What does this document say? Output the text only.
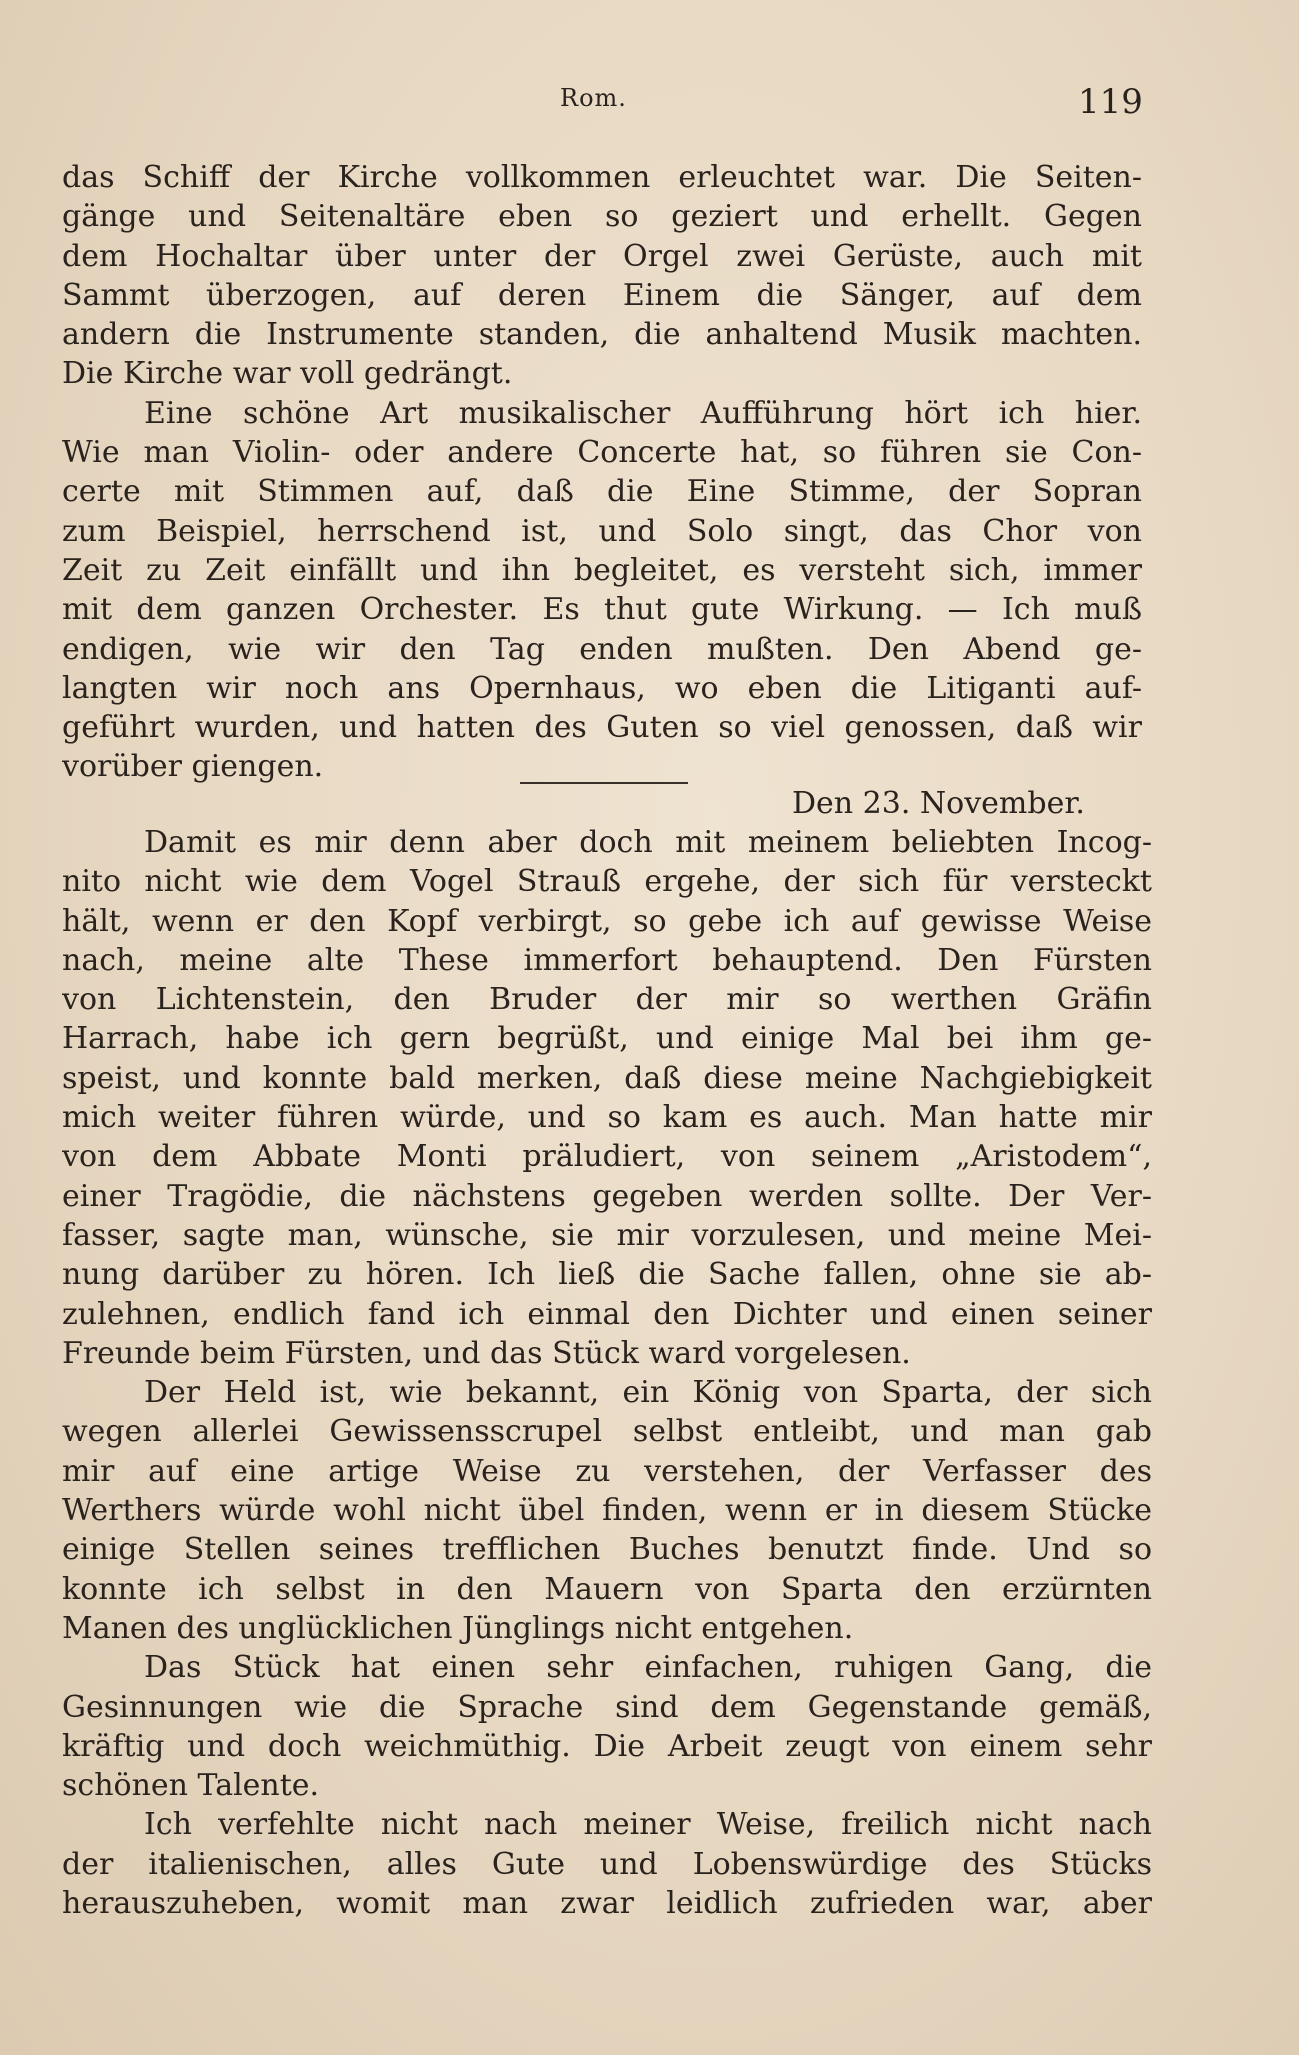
Rom.	119
das Schiff der Kirche vollkommen erleuchtet war. Die Seiten-
gänge und Seitenaltäre eben so geziert und erhellt. Gegen
dem Hochaltar über unter der Orgel zwei Gerüste, auch mit
Sammt überzogen, auf deren Einem die Sänger, auf dem
andern die Instrumente standen, die anhaltend Musik machten.
Die Kirche war voll gedrängt.
Eine schöne Art musikalischer Aufführung hört ich hier.
Wie man Violin- oder andere Concerte hat, so führen sie Con-
certe mit Stimmen auf, daß die Eine Stimme, der Sopran
zum Beispiel, herrschend ist, und Solo singt, das Chor von
Zeit zu Zeit einfällt und ihn begleitet, es versteht sich, immer
mit dem ganzen Orchester. Es thut gute Wirkung. — Ich muß
endigen, wie wir den Tag enden mußten. Den Abend ge-
langten wir noch ans Opernhaus, wo eben die Litiganti auf-
geführt wurden, und hatten des Guten so viel genossen, daß wir
vorüber giengen.
Den 23. November.
Damit es mir denn aber doch mit meinem beliebten Incog-
nito nicht wie dem Vogel Strauß ergehe, der sich für versteckt
hält, wenn er den Kopf verbirgt, so gebe ich auf gewisse Weise
nach, meine alte These immerfort behauptend. Den Fürsten
von Lichtenstein, den Bruder der mir so werthen Gräfin
Harrach, habe ich gern begrüßt, und einige Mal bei ihm ge-
speist, und konnte bald merken, daß diese meine Nachgiebigkeit
mich weiter führen würde, und so kam es auch. Man hatte mir
von dem Abbate Monti präludiert, von seinem „Aristodem“,
einer Tragödie, die nächstens gegeben werden sollte. Der Ver-
fasser, sagte man, wünsche, sie mir vorzulesen, und meine Mei-
nung darüber zu hören. Ich ließ die Sache fallen, ohne sie ab-
zulehnen, endlich fand ich einmal den Dichter und einen seiner
Freunde beim Fürsten, und das Stück ward vorgelesen.
Der Held ist, wie bekannt, ein König von Sparta, der sich
wegen allerlei Gewissensscrupel selbst entleibt, und man gab
mir auf eine artige Weise zu verstehen, der Verfasser des
Werthers würde wohl nicht übel finden, wenn er in diesem Stücke
einige Stellen seines trefflichen Buches benutzt finde. Und so
konnte ich selbst in den Mauern von Sparta den erzürnten
Manen des unglücklichen Jünglings nicht entgehen.
Das Stück hat einen sehr einfachen, ruhigen Gang, die
Gesinnungen wie die Sprache sind dem Gegenstande gemäß,
kräftig und doch weichmüthig. Die Arbeit zeugt von einem sehr
schönen Talente.
Ich verfehlte nicht nach meiner Weise, freilich nicht nach
der italienischen, alles Gute und Lobenswürdige des Stücks
herauszuheben, womit man zwar leidlich zufrieden war, aber
